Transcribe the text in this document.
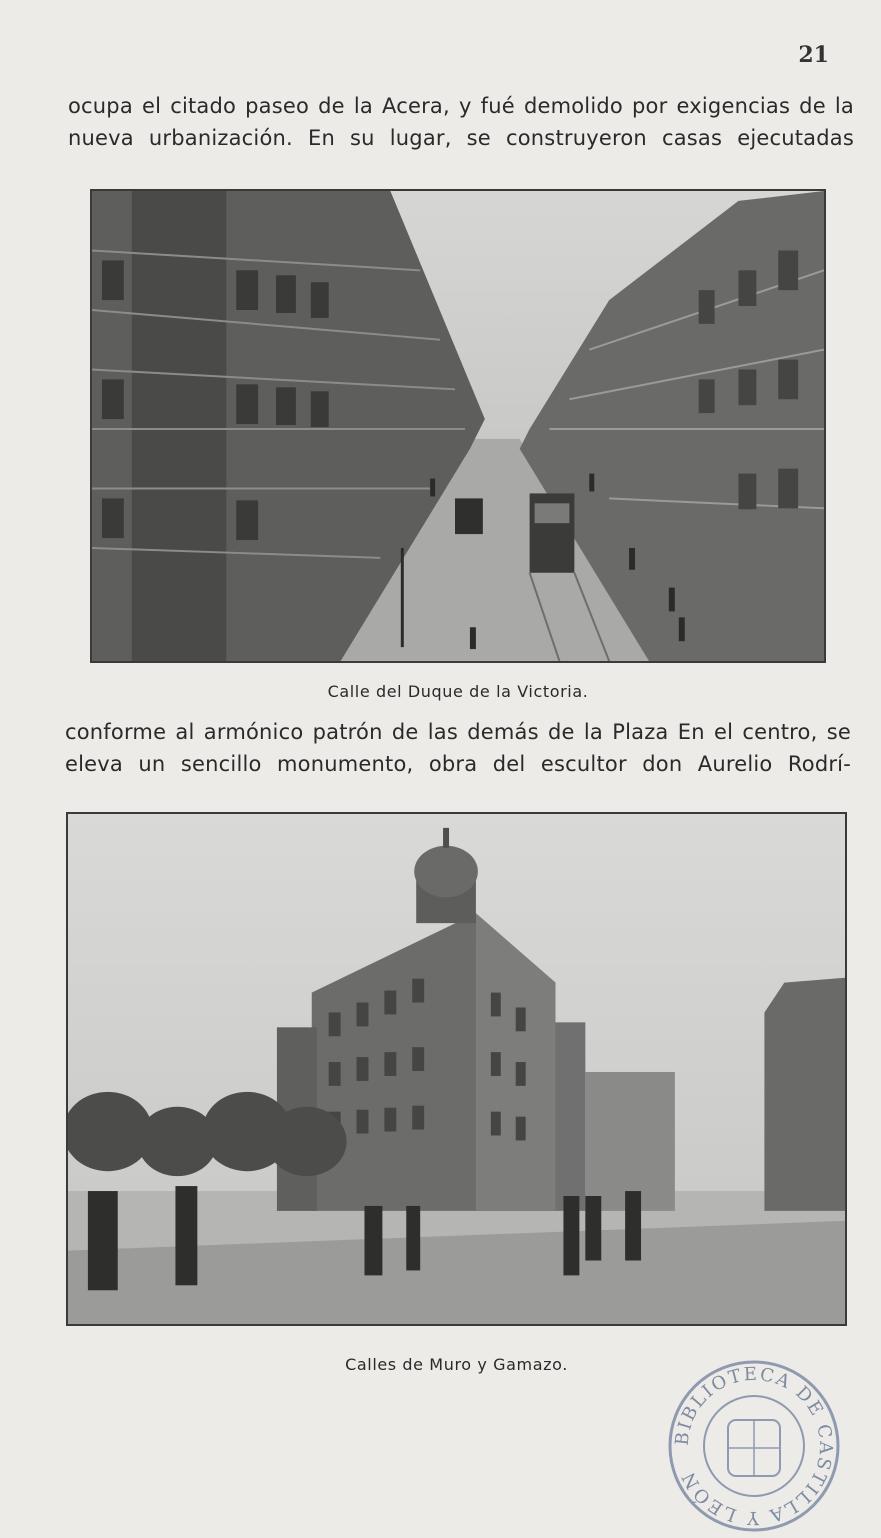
21

ocupa el citado paseo de la Acera, y fué demolido por exigencias de la nueva urbanización. En su lugar, se construyeron casas ejecutadas

Calle del Duque de la Victoria.

conforme al armónico patrón de las demás de la Plaza En el centro, se eleva un sencillo monumento, obra del escultor don Aurelio Rodrí-

Calles de Muro y Gamazo.

BIBLIOTECA DE CASTILLA Y LEÓN
